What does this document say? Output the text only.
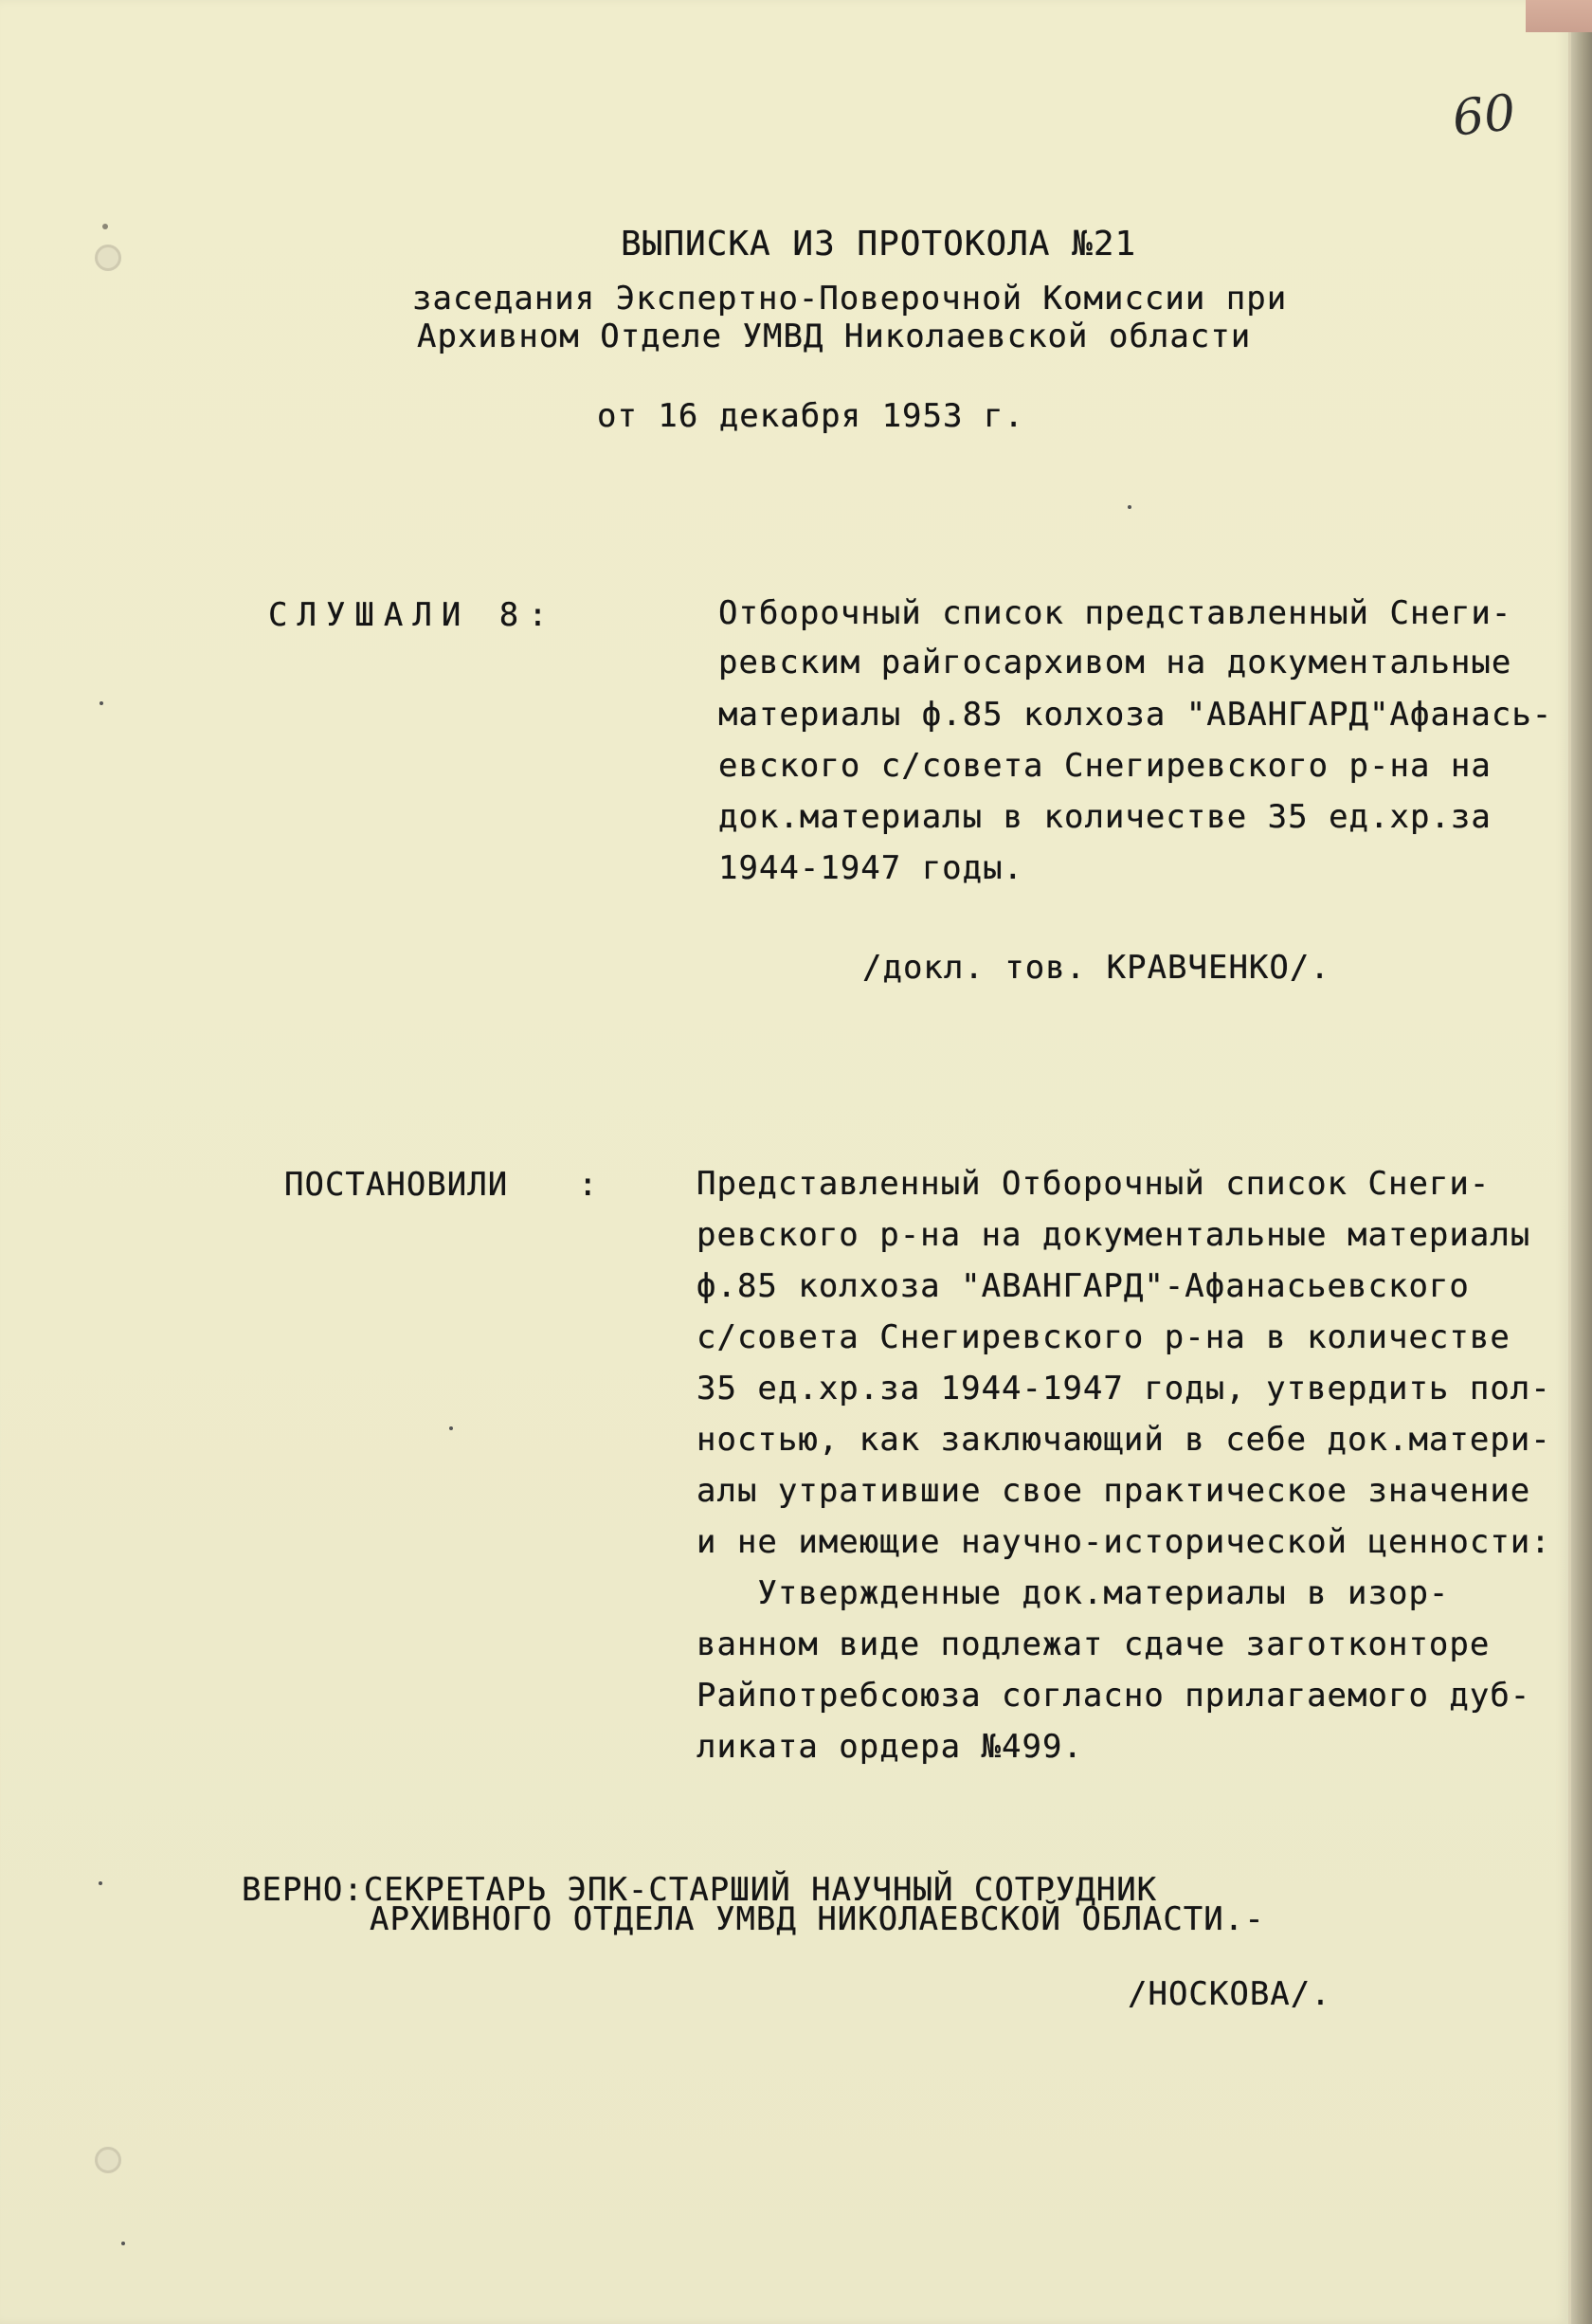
60
ВЫПИСКА ИЗ ПРОТОКОЛА №21
заседания Экспертно-Поверочной Комиссии при
Архивном Отделе УМВД Николаевской области
от 16 декабря 1953 г.
СЛУШАЛИ 8:	Отборочный список представленный Снеги-
ревским райгосархивом на документальные
материалы ф.85 колхоза "АВАНГАРД"Афанась-
евского с/совета Снегиревского р-на на
док.материалы в количестве 35 ед.хр.за
1944-1947 годы.
/докл. тов. КРАВЧЕНКО/.
ПОСТАНОВИЛИ :	Представленный Отборочный список Снеги-
ревского р-на на документальные материалы
ф.85 колхоза "АВАНГАРД"-Афанасьевского
с/совета Снегиревского р-на в количестве
35 ед.хр.за 1944-1947 годы, утвердить пол-
ностью, как заключающий в себе док.матери-
алы утратившие свое практическое значение
и не имеющие научно-исторической ценности:
Утвержденные док.материалы в изор-
ванном виде подлежат сдаче заготконторе
Райпотребсоюза согласно прилагаемого дуб-
ликата ордера №499.
ВЕРНО:СЕКРЕТАРЬ ЭПК-СТАРШИЙ НАУЧНЫЙ СОТРУДНИК
АРХИВНОГО ОТДЕЛА УМВД НИКОЛАЕВСКОЙ ОБЛАСТИ.-
/НОСКОВА/.
